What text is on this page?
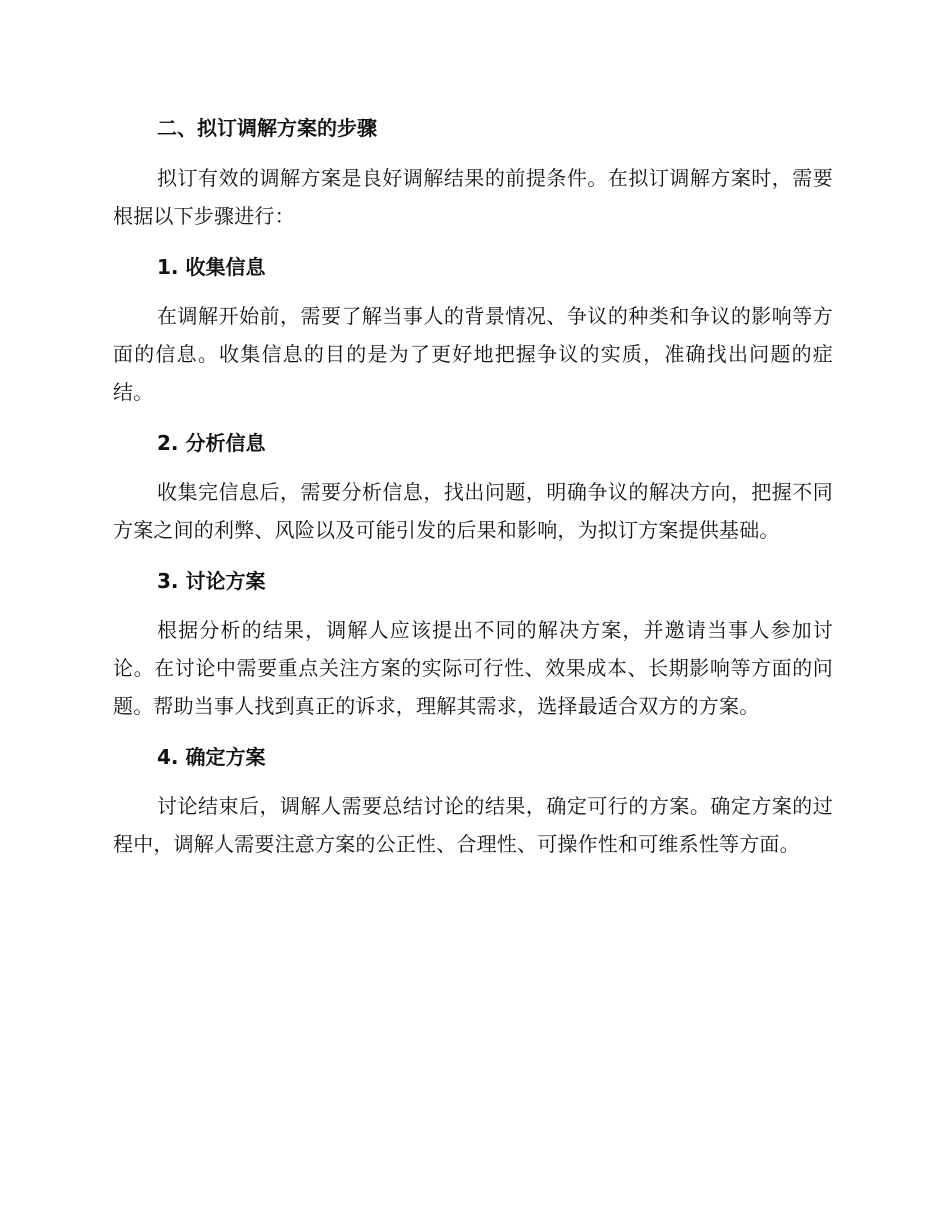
二、拟订调解方案的步骤

拟订有效的调解方案是良好调解结果的前提条件。在拟订调解方案时，需要根据以下步骤进行：

1. 收集信息

在调解开始前，需要了解当事人的背景情况、争议的种类和争议的影响等方面的信息。收集信息的目的是为了更好地把握争议的实质，准确找出问题的症结。

2. 分析信息

收集完信息后，需要分析信息，找出问题，明确争议的解决方向，把握不同方案之间的利弊、风险以及可能引发的后果和影响，为拟订方案提供基础。

3. 讨论方案

根据分析的结果，调解人应该提出不同的解决方案，并邀请当事人参加讨论。在讨论中需要重点关注方案的实际可行性、效果成本、长期影响等方面的问题。帮助当事人找到真正的诉求，理解其需求，选择最适合双方的方案。

4. 确定方案

讨论结束后，调解人需要总结讨论的结果，确定可行的方案。确定方案的过程中，调解人需要注意方案的公正性、合理性、可操作性和可维系性等方面。
